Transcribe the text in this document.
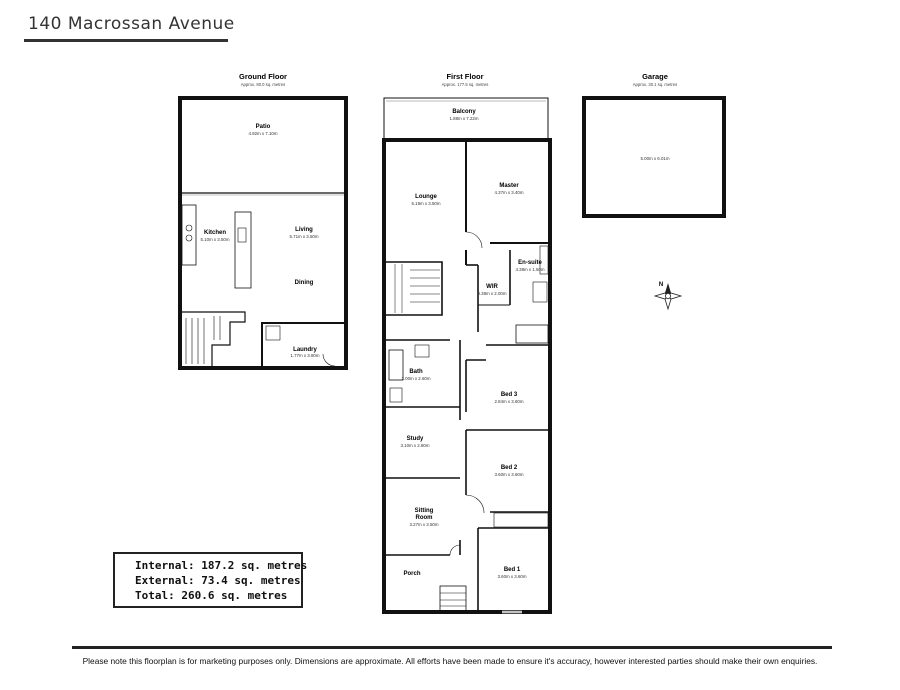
140 Macrossan Avenue
Ground Floor
Approx. 80.0 sq. metres
Patio
4.92m x 7.10m
Kitchen
5.10m x 3.50m
Living
5.71m x 3.50m
Dining
Laundry
1.77m x 3.80m
First Floor
Approx. 177.5 sq. metres
Balcony
1.88m x 7.22m
Lounge
5.19m x 3.50m
Master
4.37m x 3.40m
En-suite
4.38m x 1.50m
WIR
3.38m x 2.00m
Bath
2.00m x 2.60m
Bed 3
2.84m x 3.60m
Study
3.10m x 2.80m
Bed 2
3.60m x 3.60m
Sitting
Room
3.27m x 3.50m
Porch
Bed 1
3.60m x 3.60m
Garage
Approx. 30.1 sq. metres
5.00m x 6.01m
N
Internal: 187.2 sq. metres
External: 73.4 sq. metres
Total: 260.6 sq. metres
Please note this floorplan is for marketing purposes only. Dimensions are approximate. All efforts have been made to ensure it's accuracy, however interested parties should make their own enquiries.
